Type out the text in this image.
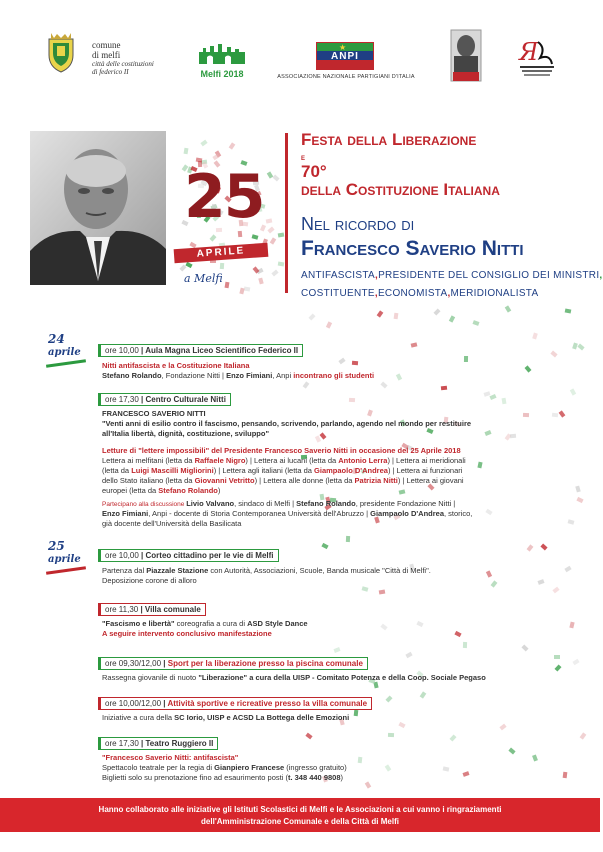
comune
di melfi
città delle costituzioni
di federico II	Melfi 2018
ANPI
★
ASSOCIAZIONE NAZIONALE PARTIGIANI D'ITALIA
Я
25
APRILE
a Melfi
Festa della Liberazione
e
70°
della Costituzione Italiana
Nel ricordo di
Francesco Saverio Nitti
ANTIFASCISTA,PRESIDENTE DEL CONSIGLIO DEI MINISTRI,
COSTITUENTE,ECONOMISTA,MERIDIONALISTA
24
aprile
25
aprile
ore 10,00 | Aula Magna Liceo Scientifico Federico II
Nitti antifascista e la Costituzione Italiana
Stefano Rolando, Fondazione Nitti | Enzo Fimiani, Anpi incontrano gli studenti
ore 17,30 | Centro Culturale Nitti
FRANCESCO SAVERIO NITTI
"Venti anni di esilio contro il fascismo, pensando, scrivendo, parlando, agendo nel mondo per restituire
all'Italia libertà, dignità, costituzione, sviluppo"
Letture di "lettere impossibili" del Presidente Francesco Saverio Nitti in occasione del 25 Aprile 2018
Lettera ai melfitani (letta da Raffaele Nigro) | Lettera ai lucani (letta da Antonio Lerra) | Lettera ai meridionali
(letta da Luigi Mascilli Migliorini) | Lettera agli italiani (letta da Giampaolo D'Andrea) | Lettera ai funzionari
dello Stato italiano (letta da Giovanni Vetritto) | Lettera alle donne (letta da Patrizia Nitti) | Lettera ai giovani
europei (letta da Stefano Rolando)
Partecipano alla discussione Livio Valvano, sindaco di Melfi | Stefano Rolando, presidente Fondazione Nitti |
Enzo Fimiani, Anpi - docente di Storia Contemporanea Università dell'Abruzzo | Giampaolo D'Andrea, storico,
già docente dell'Università della Basilicata
ore 10,00 | Corteo cittadino per le vie di Melfi
Partenza dal Piazzale Stazione con Autorità, Associazioni, Scuole, Banda musicale "Città di Melfi".
Deposizione corone di alloro
ore 11,30 | Villa comunale
"Fascismo e libertà" coreografia a cura di ASD Style Dance
A seguire intervento conclusivo manifestazione
ore 09,30/12,00 | Sport per la liberazione presso la piscina comunale
Rassegna giovanile di nuoto "Liberazione" a cura della UISP - Comitato Potenza e della Coop. Sociale Pegaso
ore 10,00/12,00 | Attività sportive e ricreative presso la villa comunale
Iniziative a cura della SC Iorio, UISP e ACSD La Bottega delle Emozioni
ore 17,30 | Teatro Ruggiero II
"Francesco Saverio Nitti: antifascista"
Spettacolo teatrale per la regia di Gianpiero Francese (ingresso gratuito)
Biglietti solo su prenotazione fino ad esaurimento posti (t. 348 440 9808)
Hanno collaborato alle iniziative gli Istituti Scolastici di Melfi e le Associazioni a cui vanno i ringraziamenti
dell'Amministrazione Comunale e della Città di Melfi
